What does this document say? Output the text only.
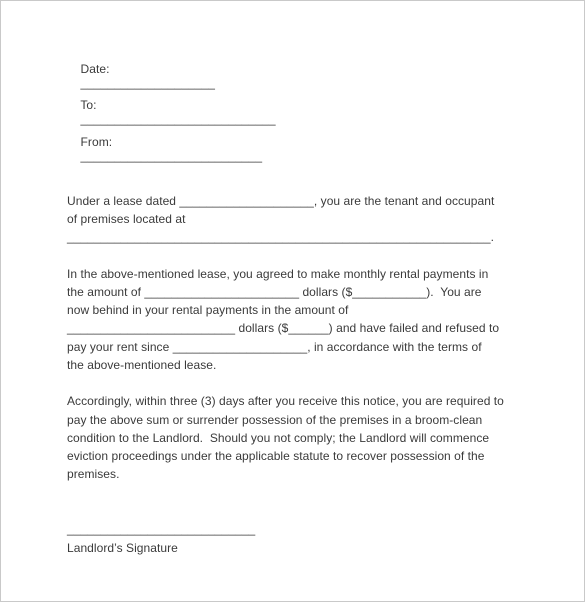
Date:
____________________

To:
_____________________________

From:
___________________________

Under a lease dated ____________________, you are the tenant and occupant
of premises located at
_______________________________________________________________.
In the above-mentioned lease, you agreed to make monthly rental payments in
the amount of _______________________ dollars ($___________).  You are
now behind in your rental payments in the amount of
_________________________ dollars ($______) and have failed and refused to
pay your rent since ____________________, in accordance with the terms of
the above-mentioned lease.
Accordingly, within three (3) days after you receive this notice, you are required to
pay the above sum or surrender possession of the premises in a broom-clean
condition to the Landlord.  Should you not comply; the Landlord will commence
eviction proceedings under the applicable statute to recover possession of the
premises.
____________________________
Landlord’s Signature
